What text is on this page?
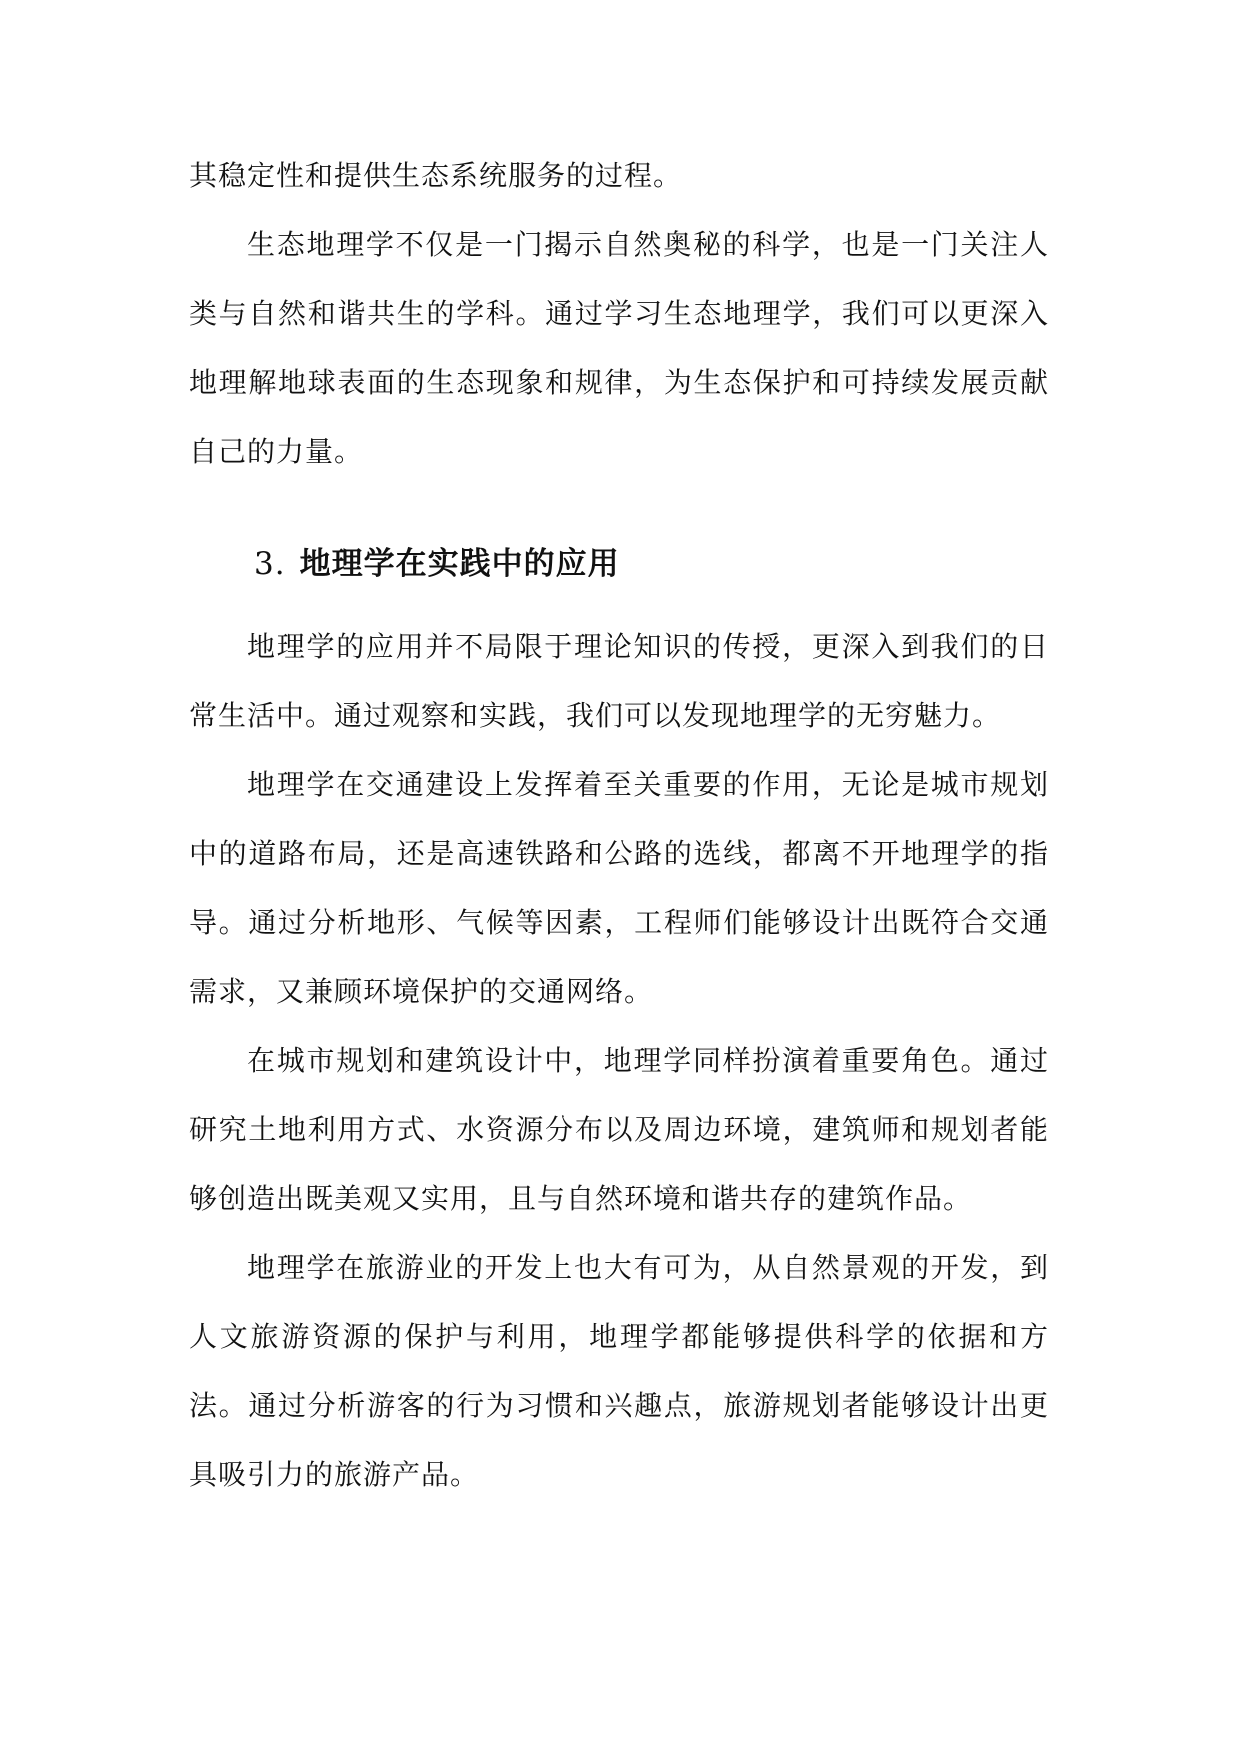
其稳定性和提供生态系统服务的过程。

生态地理学不仅是一门揭示自然奥秘的科学，也是一门关注人类与自然和谐共生的学科。通过学习生态地理学，我们可以更深入地理解地球表面的生态现象和规律，为生态保护和可持续发展贡献自己的力量。

3. 地理学在实践中的应用

地理学的应用并不局限于理论知识的传授，更深入到我们的日常生活中。通过观察和实践，我们可以发现地理学的无穷魅力。

地理学在交通建设上发挥着至关重要的作用，无论是城市规划中的道路布局，还是高速铁路和公路的选线，都离不开地理学的指导。通过分析地形、气候等因素，工程师们能够设计出既符合交通需求，又兼顾环境保护的交通网络。

在城市规划和建筑设计中，地理学同样扮演着重要角色。通过研究土地利用方式、水资源分布以及周边环境，建筑师和规划者能够创造出既美观又实用，且与自然环境和谐共存的建筑作品。

地理学在旅游业的开发上也大有可为，从自然景观的开发，到人文旅游资源的保护与利用，地理学都能够提供科学的依据和方法。通过分析游客的行为习惯和兴趣点，旅游规划者能够设计出更具吸引力的旅游产品。
